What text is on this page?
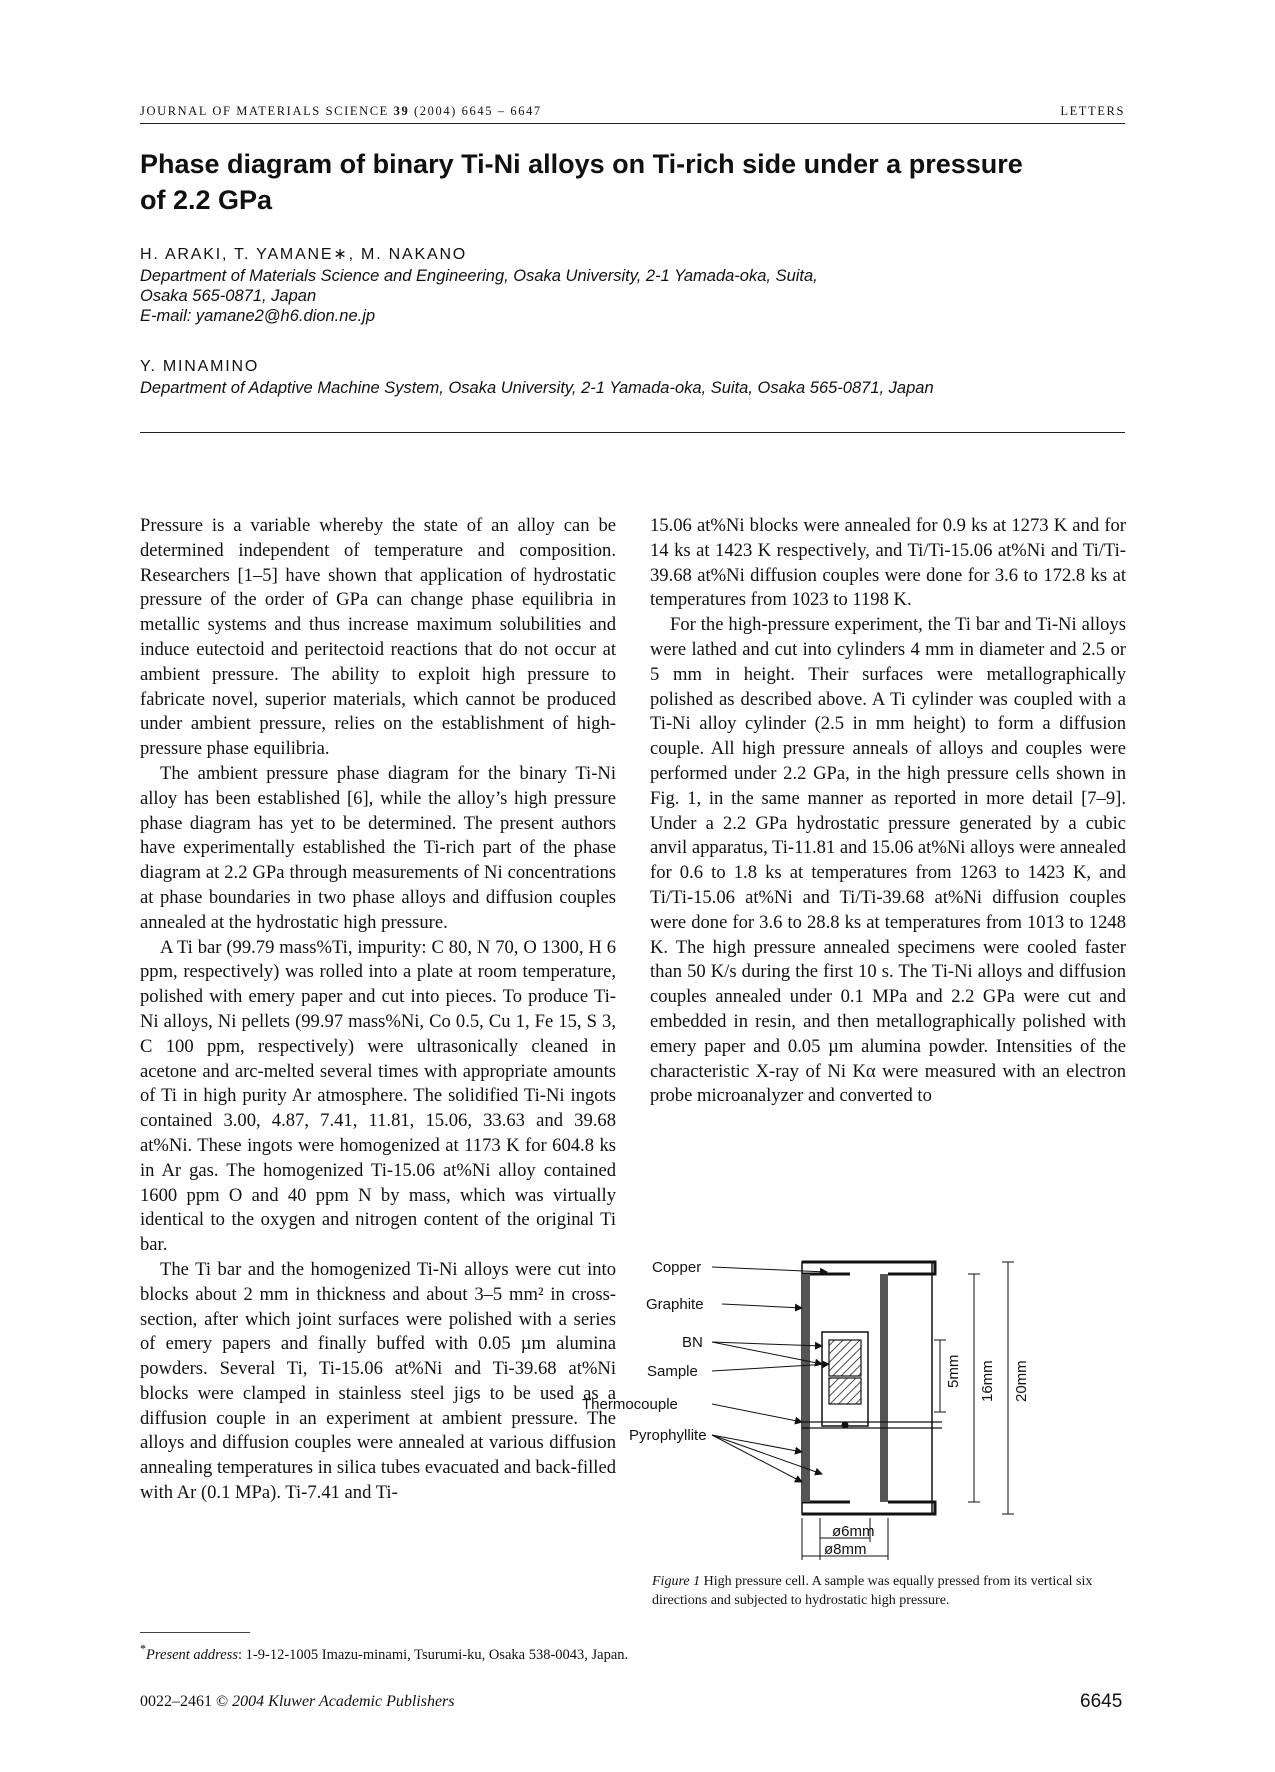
JOURNAL OF MATERIALS SCIENCE 39 (2004) 6645 – 6647	LETTERS
Phase diagram of binary Ti-Ni alloys on Ti-rich side under a pressure
of 2.2 GPa
H. ARAKI, T. YAMANE∗, M. NAKANO
Department of Materials Science and Engineering, Osaka University, 2-1 Yamada-oka, Suita,
Osaka 565-0871, Japan
E-mail: yamane2@h6.dion.ne.jp
Y. MINAMINO
Department of Adaptive Machine System, Osaka University, 2-1 Yamada-oka, Suita, Osaka 565-0871, Japan

Pressure is a variable whereby the state of an alloy can be determined independent of temperature and composition. Researchers [1–5] have shown that application of hydrostatic pressure of the order of GPa can change phase equilibria in metallic systems and thus increase maximum solubilities and induce eutectoid and peritectoid reactions that do not occur at ambient pressure. The ability to exploit high pressure to fabricate novel, superior materials, which cannot be produced under ambient pressure, relies on the establishment of high-pressure phase equilibria.

The ambient pressure phase diagram for the binary Ti-Ni alloy has been established [6], while the alloy’s high pressure phase diagram has yet to be determined. The present authors have experimentally established the Ti-rich part of the phase diagram at 2.2 GPa through measurements of Ni concentrations at phase boundaries in two phase alloys and diffusion couples annealed at the hydrostatic high pressure.

A Ti bar (99.79 mass%Ti, impurity: C 80, N 70, O 1300, H 6 ppm, respectively) was rolled into a plate at room temperature, polished with emery paper and cut into pieces. To produce Ti-Ni alloys, Ni pellets (99.97 mass%Ni, Co 0.5, Cu 1, Fe 15, S 3, C 100 ppm, respectively) were ultrasonically cleaned in acetone and arc-melted several times with appropriate amounts of Ti in high purity Ar atmosphere. The solidified Ti-Ni ingots contained 3.00, 4.87, 7.41, 11.81, 15.06, 33.63 and 39.68 at%Ni. These ingots were homogenized at 1173 K for 604.8 ks in Ar gas. The homogenized Ti-15.06 at%Ni alloy contained 1600 ppm O and 40 ppm N by mass, which was virtually identical to the oxygen and nitrogen content of the original Ti bar.

The Ti bar and the homogenized Ti-Ni alloys were cut into blocks about 2 mm in thickness and about 3–5 mm² in cross-section, after which joint surfaces were polished with a series of emery papers and finally buffed with 0.05 µm alumina powders. Several Ti, Ti-15.06 at%Ni and Ti-39.68 at%Ni blocks were clamped in stainless steel jigs to be used as a diffusion couple in an experiment at ambient pressure. The alloys and diffusion couples were annealed at various diffusion annealing temperatures in silica tubes evacuated and back-filled with Ar (0.1 MPa). Ti-7.41 and Ti-

15.06 at%Ni blocks were annealed for 0.9 ks at 1273 K and for 14 ks at 1423 K respectively, and Ti/Ti-15.06 at%Ni and Ti/Ti-39.68 at%Ni diffusion couples were done for 3.6 to 172.8 ks at temperatures from 1023 to 1198 K.

For the high-pressure experiment, the Ti bar and Ti-Ni alloys were lathed and cut into cylinders 4 mm in diameter and 2.5 or 5 mm in height. Their surfaces were metallographically polished as described above. A Ti cylinder was coupled with a Ti-Ni alloy cylinder (2.5 in mm height) to form a diffusion couple. All high pressure anneals of alloys and couples were performed under 2.2 GPa, in the high pressure cells shown in Fig. 1, in the same manner as reported in more detail [7–9]. Under a 2.2 GPa hydrostatic pressure generated by a cubic anvil apparatus, Ti-11.81 and 15.06 at%Ni alloys were annealed for 0.6 to 1.8 ks at temperatures from 1263 to 1423 K, and Ti/Ti-15.06 at%Ni and Ti/Ti-39.68 at%Ni diffusion couples were done for 3.6 to 28.8 ks at temperatures from 1013 to 1248 K. The high pressure annealed specimens were cooled faster than 50 K/s during the first 10 s. The Ti-Ni alloys and diffusion couples annealed under 0.1 MPa and 2.2 GPa were cut and embedded in resin, and then metallographically polished with emery paper and 0.05 µm alumina powder. Intensities of the characteristic X-ray of Ni Kα were measured with an electron probe microanalyzer and converted to

Copper
Graphite
BN
Sample
Thermocouple
Pyrophyllite
5mm 16mm 20mm
ø6mm
ø8mm
Figure 1 High pressure cell. A sample was equally pressed from its vertical six directions and subjected to hydrostatic high pressure.
*Present address: 1-9-12-1005 Imazu-minami, Tsurumi-ku, Osaka 538-0043, Japan.
0022–2461 © 2004 Kluwer Academic Publishers	6645
